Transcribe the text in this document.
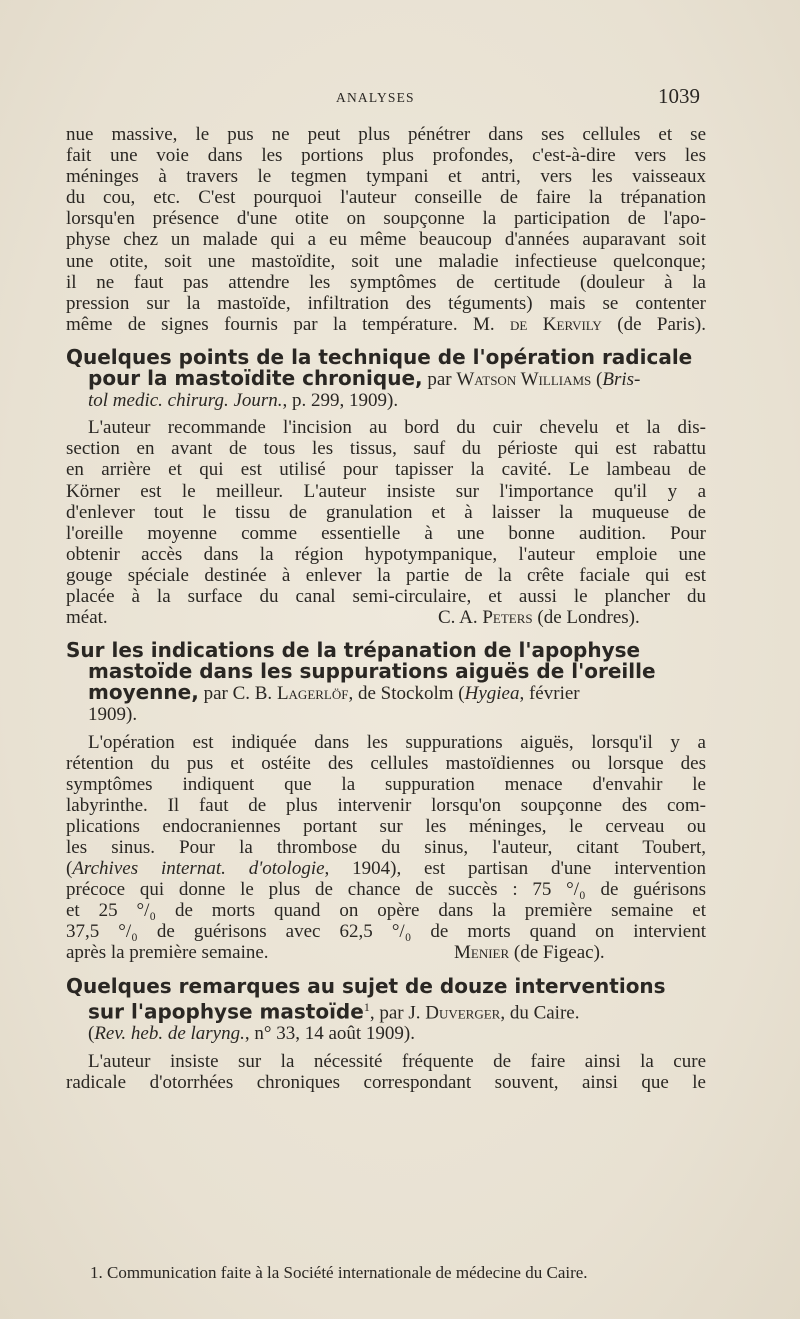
ANALYSES	1039
nue massive, le pus ne peut plus pénétrer dans ses cellules et se
fait une voie dans les portions plus profondes, c'est-à-dire vers les
méninges à travers le tegmen tympani et antri, vers les vaisseaux
du cou, etc. C'est pourquoi l'auteur conseille de faire la trépanation
lorsqu'en présence d'une otite on soupçonne la participation de l'apo-
physe chez un malade qui a eu même beaucoup d'années auparavant soit
une otite, soit une mastoïdite, soit une maladie infectieuse quelconque;
il ne faut pas attendre les symptômes de certitude (douleur à la
pression sur la mastoïde, infiltration des téguments) mais se contenter
même de signes fournis par la température. M. de Kervily (de Paris).
Quelques points de la technique de l'opération radicale
pour la mastoïdite chronique, par Watson Williams (Bris-
tol medic. chirurg. Journ., p. 299, 1909).
L'auteur recommande l'incision au bord du cuir chevelu et la dis-
section en avant de tous les tissus, sauf du périoste qui est rabattu
en arrière et qui est utilisé pour tapisser la cavité. Le lambeau de
Körner est le meilleur. L'auteur insiste sur l'importance qu'il y a
d'enlever tout le tissu de granulation et à laisser la muqueuse de
l'oreille moyenne comme essentielle à une bonne audition. Pour
obtenir accès dans la région hypotympanique, l'auteur emploie une
gouge spéciale destinée à enlever la partie de la crête faciale qui est
placée à la surface du canal semi-circulaire, et aussi le plancher du
méat.	C. A. Peters (de Londres).
Sur les indications de la trépanation de l'apophyse
mastoïde dans les suppurations aiguës de l'oreille
moyenne, par C. B. Lagerlöf, de Stockolm (Hygiea, février
1909).
L'opération est indiquée dans les suppurations aiguës, lorsqu'il y a
rétention du pus et ostéite des cellules mastoïdiennes ou lorsque des
symptômes indiquent que la suppuration menace d'envahir le
labyrinthe. Il faut de plus intervenir lorsqu'on soupçonne des com-
plications endocraniennes portant sur les méninges, le cerveau ou
les sinus. Pour la thrombose du sinus, l'auteur, citant Toubert,
(Archives internat. d'otologie, 1904), est partisan d'une intervention
précoce qui donne le plus de chance de succès : 75 °/₀ de guérisons
et 25 °/₀ de morts quand on opère dans la première semaine et
37,5 °/₀ de guérisons avec 62,5 °/₀ de morts quand on intervient
après la première semaine.	Menier (de Figeac).
Quelques remarques au sujet de douze interventions
sur l'apophyse mastoïde$^1$, par J. Duverger, du Caire.
(Rev. heb. de laryng., n° 33, 14 août 1909).
L'auteur insiste sur la nécessité fréquente de faire ainsi la cure
radicale d'otorrhées chroniques correspondant souvent, ainsi que le
1. Communication faite à la Société internationale de médecine du Caire.
